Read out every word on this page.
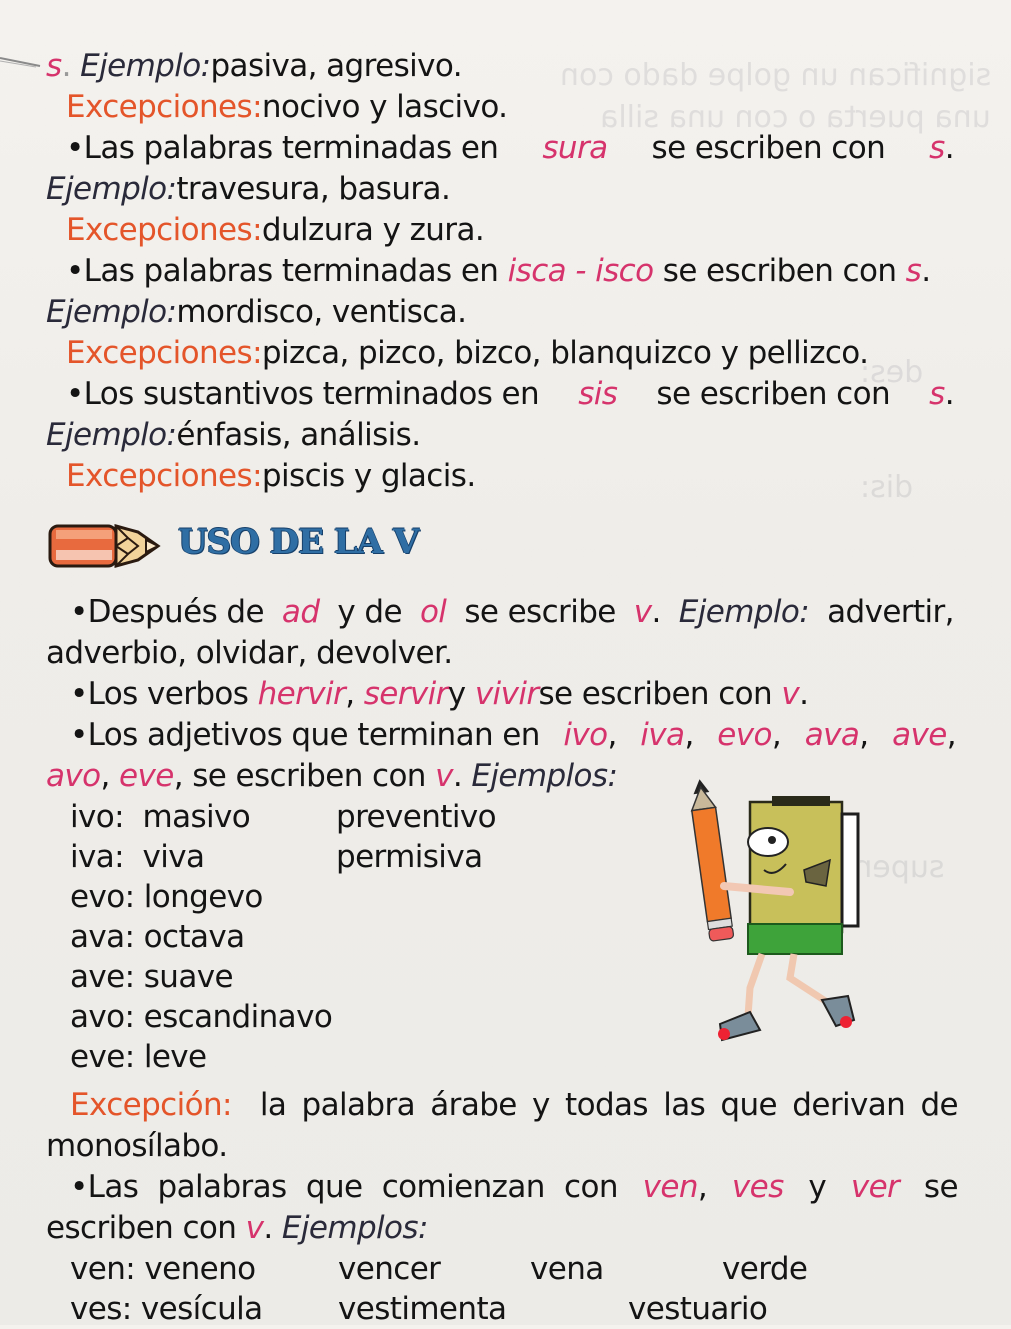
significan un golpe dado con
una puerta o con una silla
des:
dis:
super
s. Ejemplo:pasiva, agresivo.
Excepciones:nocivo y lascivo.
•Las palabras terminadas en sura se escriben con s.
Ejemplo:travesura, basura.
Excepciones:dulzura y zura.
•Las palabras terminadas en isca - isco se escriben con s.
Ejemplo:mordisco, ventisca.
Excepciones:pizca, pizco, bizco, blanquizco y pellizco.
•Los sustantivos terminados en sis se escriben con s.
Ejemplo:énfasis, análisis.
Excepciones:piscis y glacis.
USO DE LA V
•Después de ad y de ol se escribe v. Ejemplo: advertir,
adverbio, olvidar, devolver.
•Los verbos hervir, serviry vivirse escriben con v.
•Los adjetivos que terminan en ivo, iva, evo, ava, ave,
avo, eve, se escriben con v. Ejemplos:
ivo: masivo
iva: viva
evo: longevo
ava: octava
ave: suave
avo: escandinavo
eve: leve
preventivo
permisiva
Excepción: la palabra árabe y todas las que derivan de
monosílabo.
•Las palabras que comienzan con ven, ves y ver se
escriben con v. Ejemplos:
ven: veneno
ves: vesícula
vencer
vestimenta
vena	verde
vestuario
